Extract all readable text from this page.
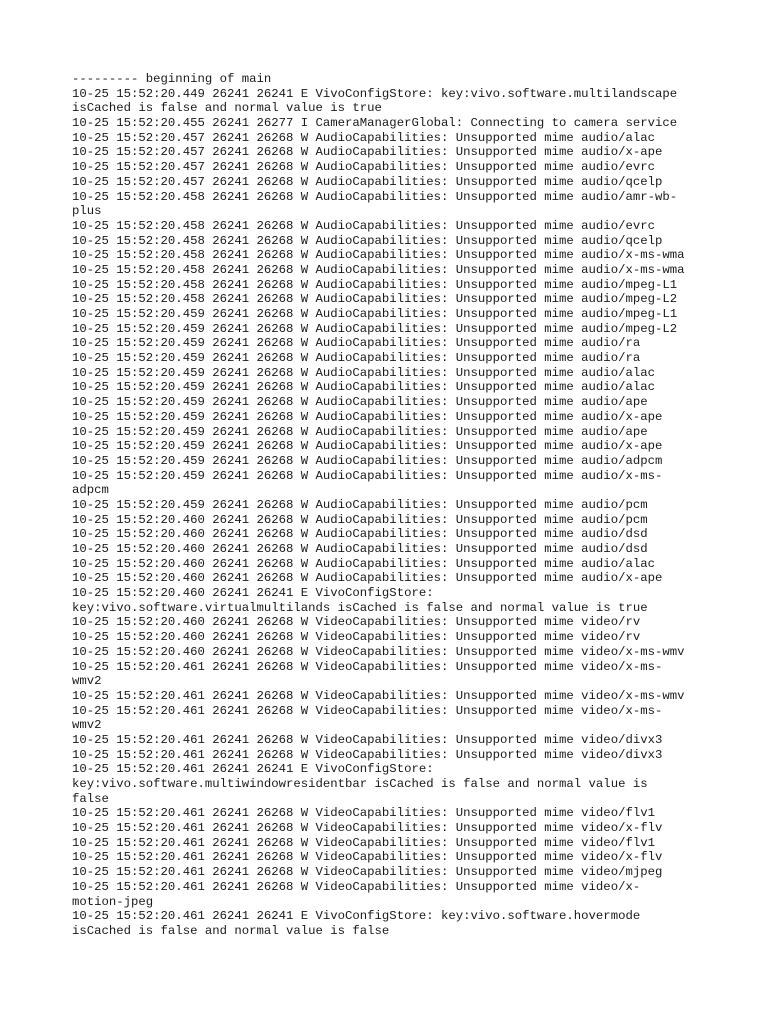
--------- beginning of main
10-25 15:52:20.449 26241 26241 E VivoConfigStore: key:vivo.software.multilandscape
isCached is false and normal value is true
10-25 15:52:20.455 26241 26277 I CameraManagerGlobal: Connecting to camera service
10-25 15:52:20.457 26241 26268 W AudioCapabilities: Unsupported mime audio/alac
10-25 15:52:20.457 26241 26268 W AudioCapabilities: Unsupported mime audio/x-ape
10-25 15:52:20.457 26241 26268 W AudioCapabilities: Unsupported mime audio/evrc
10-25 15:52:20.457 26241 26268 W AudioCapabilities: Unsupported mime audio/qcelp
10-25 15:52:20.458 26241 26268 W AudioCapabilities: Unsupported mime audio/amr-wb-
plus
10-25 15:52:20.458 26241 26268 W AudioCapabilities: Unsupported mime audio/evrc
10-25 15:52:20.458 26241 26268 W AudioCapabilities: Unsupported mime audio/qcelp
10-25 15:52:20.458 26241 26268 W AudioCapabilities: Unsupported mime audio/x-ms-wma
10-25 15:52:20.458 26241 26268 W AudioCapabilities: Unsupported mime audio/x-ms-wma
10-25 15:52:20.458 26241 26268 W AudioCapabilities: Unsupported mime audio/mpeg-L1
10-25 15:52:20.458 26241 26268 W AudioCapabilities: Unsupported mime audio/mpeg-L2
10-25 15:52:20.459 26241 26268 W AudioCapabilities: Unsupported mime audio/mpeg-L1
10-25 15:52:20.459 26241 26268 W AudioCapabilities: Unsupported mime audio/mpeg-L2
10-25 15:52:20.459 26241 26268 W AudioCapabilities: Unsupported mime audio/ra
10-25 15:52:20.459 26241 26268 W AudioCapabilities: Unsupported mime audio/ra
10-25 15:52:20.459 26241 26268 W AudioCapabilities: Unsupported mime audio/alac
10-25 15:52:20.459 26241 26268 W AudioCapabilities: Unsupported mime audio/alac
10-25 15:52:20.459 26241 26268 W AudioCapabilities: Unsupported mime audio/ape
10-25 15:52:20.459 26241 26268 W AudioCapabilities: Unsupported mime audio/x-ape
10-25 15:52:20.459 26241 26268 W AudioCapabilities: Unsupported mime audio/ape
10-25 15:52:20.459 26241 26268 W AudioCapabilities: Unsupported mime audio/x-ape
10-25 15:52:20.459 26241 26268 W AudioCapabilities: Unsupported mime audio/adpcm
10-25 15:52:20.459 26241 26268 W AudioCapabilities: Unsupported mime audio/x-ms-
adpcm
10-25 15:52:20.459 26241 26268 W AudioCapabilities: Unsupported mime audio/pcm
10-25 15:52:20.460 26241 26268 W AudioCapabilities: Unsupported mime audio/pcm
10-25 15:52:20.460 26241 26268 W AudioCapabilities: Unsupported mime audio/dsd
10-25 15:52:20.460 26241 26268 W AudioCapabilities: Unsupported mime audio/dsd
10-25 15:52:20.460 26241 26268 W AudioCapabilities: Unsupported mime audio/alac
10-25 15:52:20.460 26241 26268 W AudioCapabilities: Unsupported mime audio/x-ape
10-25 15:52:20.460 26241 26241 E VivoConfigStore:
key:vivo.software.virtualmultilands isCached is false and normal value is true
10-25 15:52:20.460 26241 26268 W VideoCapabilities: Unsupported mime video/rv
10-25 15:52:20.460 26241 26268 W VideoCapabilities: Unsupported mime video/rv
10-25 15:52:20.460 26241 26268 W VideoCapabilities: Unsupported mime video/x-ms-wmv
10-25 15:52:20.461 26241 26268 W VideoCapabilities: Unsupported mime video/x-ms-
wmv2
10-25 15:52:20.461 26241 26268 W VideoCapabilities: Unsupported mime video/x-ms-wmv
10-25 15:52:20.461 26241 26268 W VideoCapabilities: Unsupported mime video/x-ms-
wmv2
10-25 15:52:20.461 26241 26268 W VideoCapabilities: Unsupported mime video/divx3
10-25 15:52:20.461 26241 26268 W VideoCapabilities: Unsupported mime video/divx3
10-25 15:52:20.461 26241 26241 E VivoConfigStore:
key:vivo.software.multiwindowresidentbar isCached is false and normal value is
false
10-25 15:52:20.461 26241 26268 W VideoCapabilities: Unsupported mime video/flv1
10-25 15:52:20.461 26241 26268 W VideoCapabilities: Unsupported mime video/x-flv
10-25 15:52:20.461 26241 26268 W VideoCapabilities: Unsupported mime video/flv1
10-25 15:52:20.461 26241 26268 W VideoCapabilities: Unsupported mime video/x-flv
10-25 15:52:20.461 26241 26268 W VideoCapabilities: Unsupported mime video/mjpeg
10-25 15:52:20.461 26241 26268 W VideoCapabilities: Unsupported mime video/x-
motion-jpeg
10-25 15:52:20.461 26241 26241 E VivoConfigStore: key:vivo.software.hovermode
isCached is false and normal value is false
